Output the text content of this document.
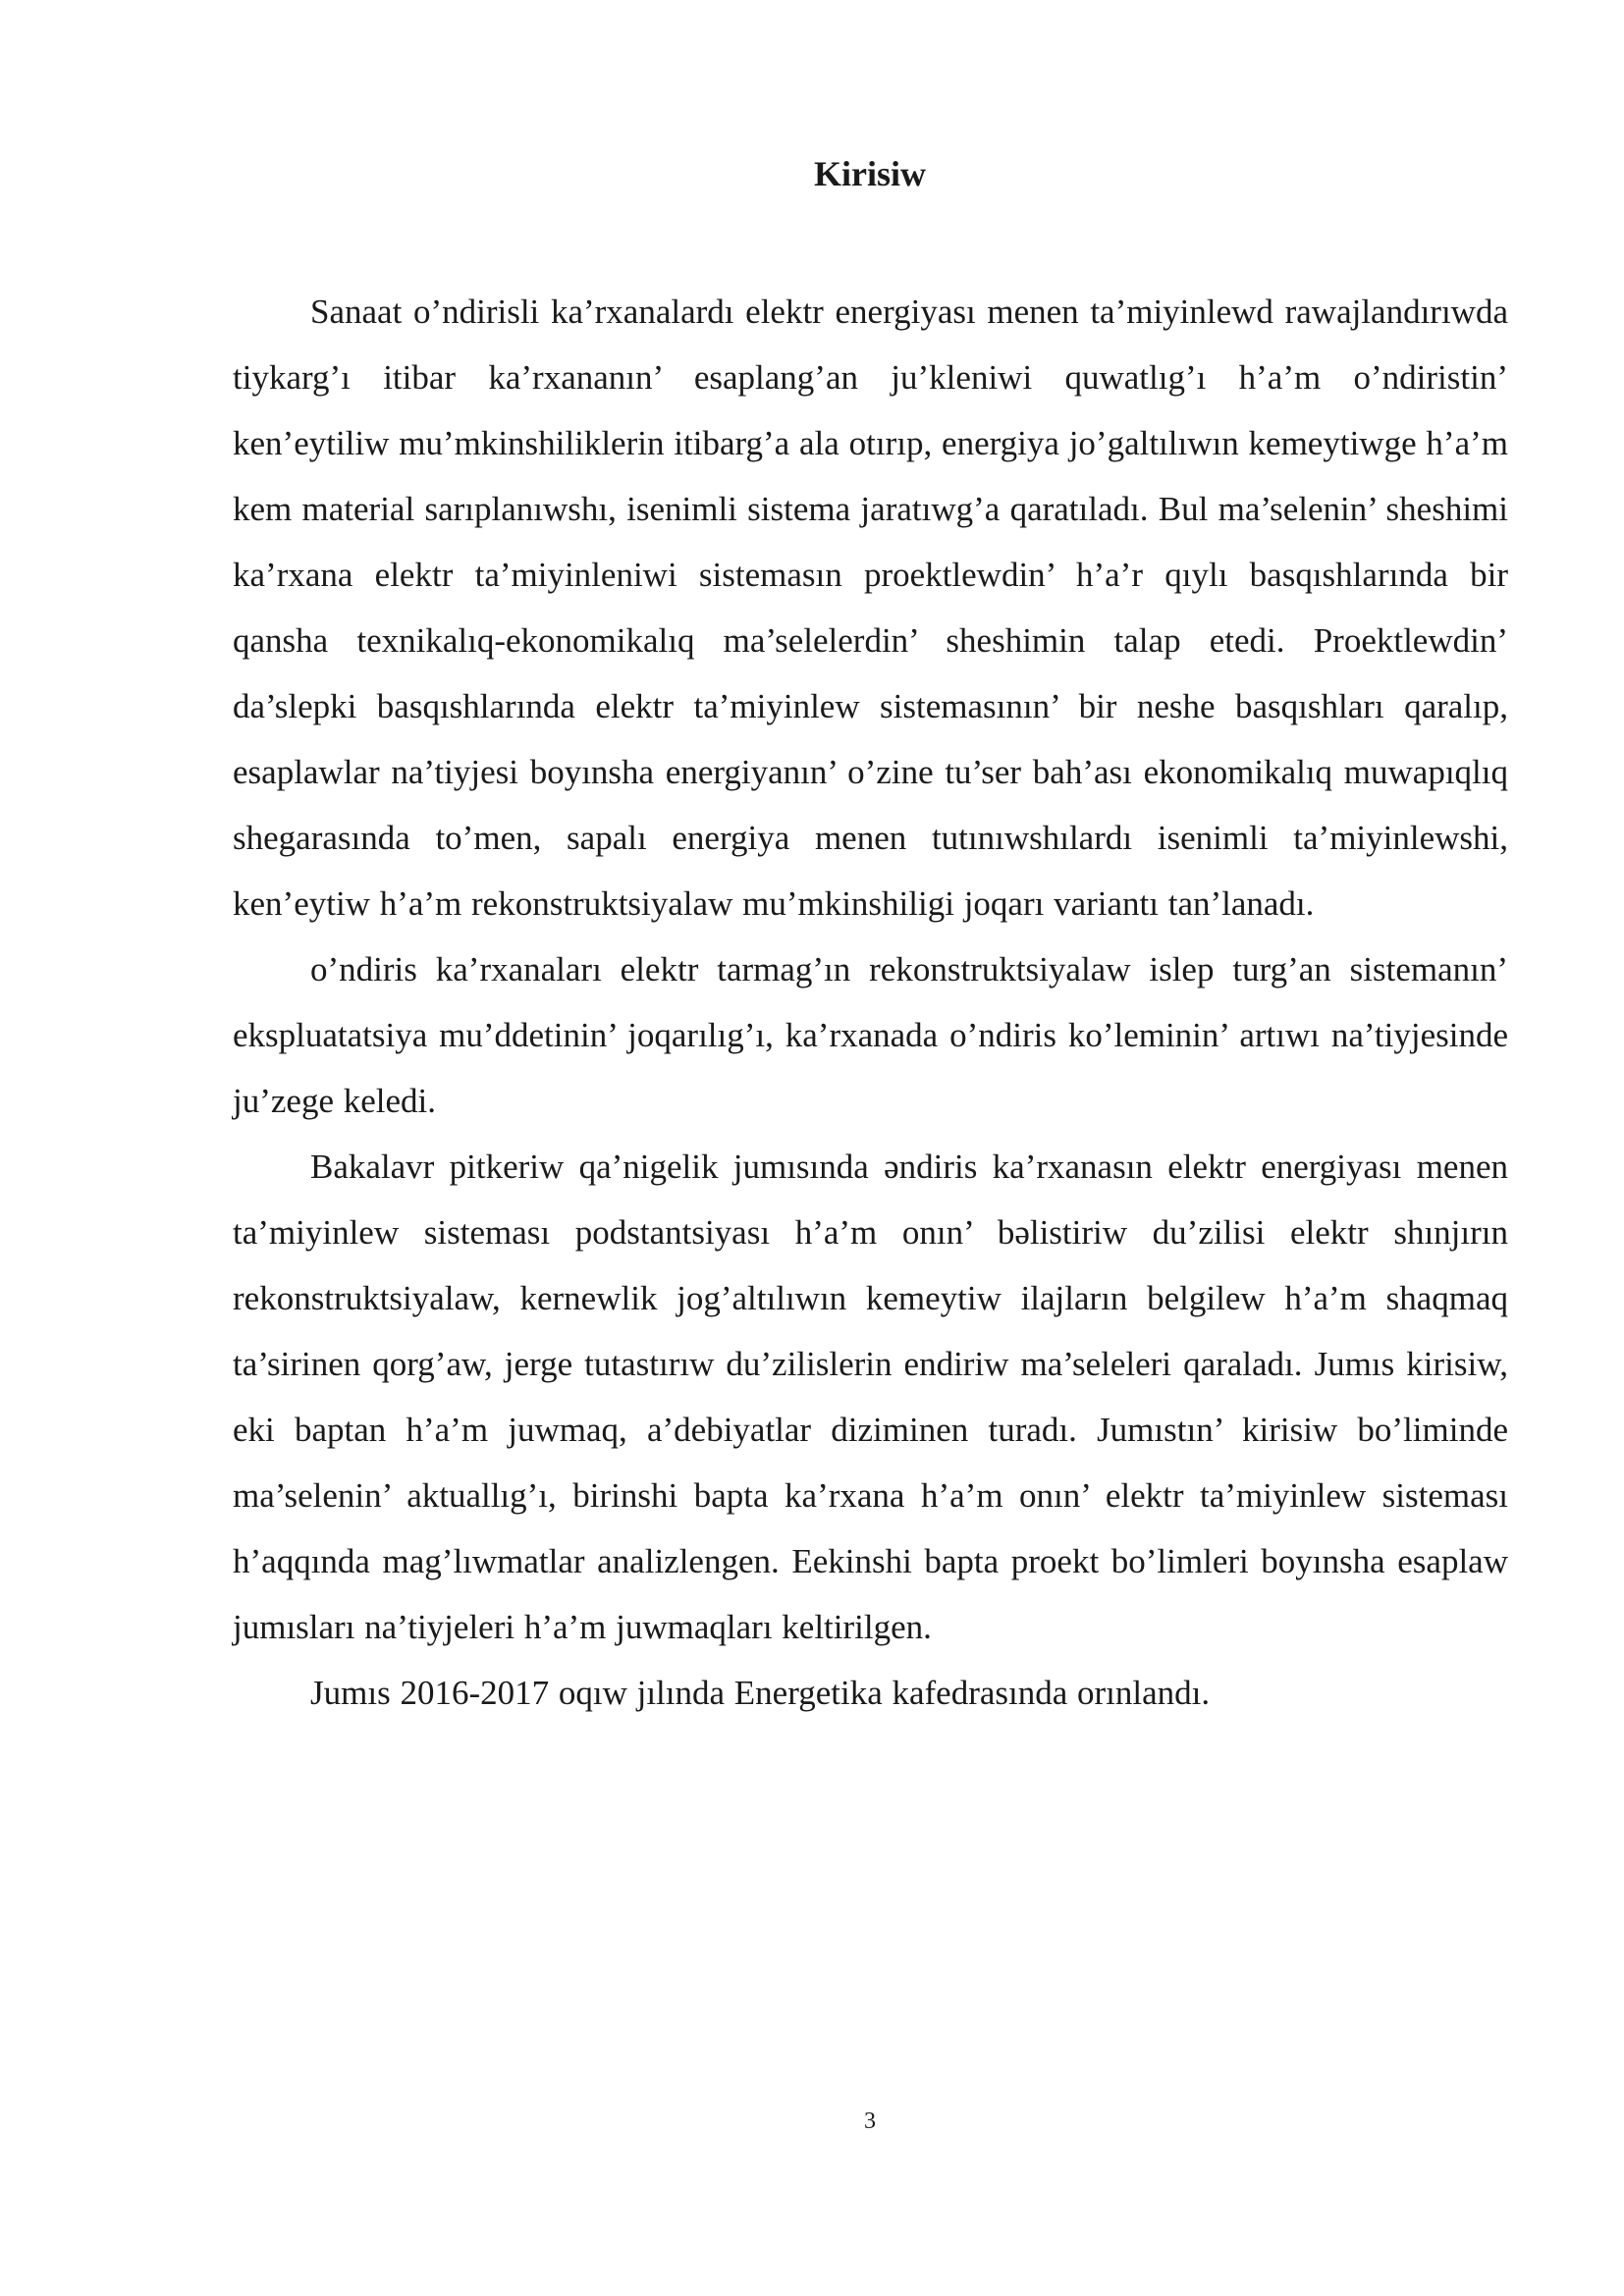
Kirisiw

Sanaat o’ndirisli ka’rxanalardı elektr energiyası menen ta’miyinlewd rawajlandırıwda tiykarg’ı itibar ka’rxananın’ esaplang’an ju’kleniwi quwatlıg’ı h’a’m o’ndiristin’ ken’eytiliw mu’mkinshiliklerin itibarg’a ala otırıp, energiya jo’galtılıwın kemeytiwge h’a’m kem material sarıplanıwshı, isenimli sistema jaratıwg’a qaratıladı. Bul ma’selenin’ sheshimi ka’rxana elektr ta’miyinleniwi sistemasın proektlewdin’ h’a’r qıylı basqıshlarında bir qansha texnikalıq-ekonomikalıq ma’selelerdin’ sheshimin talap etedi. Proektlewdin’ da’slepki basqıshlarında elektr ta’miyinlew sistemasının’ bir neshe basqıshları qaralıp, esaplawlar na’tiyjesi boyınsha energiyanın’ o’zine tu’ser bah’ası ekonomikalıq muwapıqlıq shegarasında to’men, sapalı energiya menen tutınıwshılardı isenimli ta’miyinlewshi, ken’eytiw h’a’m rekonstruktsiyalaw mu’mkinshiligi joqarı variantı tan’lanadı.

o’ndiris ka’rxanaları elektr tarmag’ın rekonstruktsiyalaw islep turg’an sistemanın’ ekspluatatsiya mu’ddetinin’ joqarılıg’ı, ka’rxanada o’ndiris ko’leminin’ artıwı na’tiyjesinde ju’zege keledi.

Bakalavr pitkeriw qa’nigelik jumısında əndiris ka’rxanasın elektr energiyası menen ta’miyinlew sisteması podstantsiyası h’a’m onın’ bəlistiriw du’zilisi elektr shınjırın rekonstruktsiyalaw, kernewlik jog’altılıwın kemeytiw ilajların belgilew h’a’m shaqmaq ta’sirinen qorg’aw, jerge tutastırıw du’zilislerin endiriw ma’seleleri qaraladı. Jumıs kirisiw, eki baptan h’a’m juwmaq, a’debiyatlar diziminen turadı. Jumıstın’ kirisiw bo’liminde ma’selenin’ aktuallıg’ı, birinshi bapta ka’rxana h’a’m onın’ elektr ta’miyinlew sisteması h’aqqında mag’lıwmatlar analizlengen. Eekinshi bapta proekt bo’limleri boyınsha esaplaw jumısları na’tiyjeleri h’a’m juwmaqları keltirilgen.

Jumıs 2016-2017 oqıw jılında Energetika kafedrasında orınlandı.

3
